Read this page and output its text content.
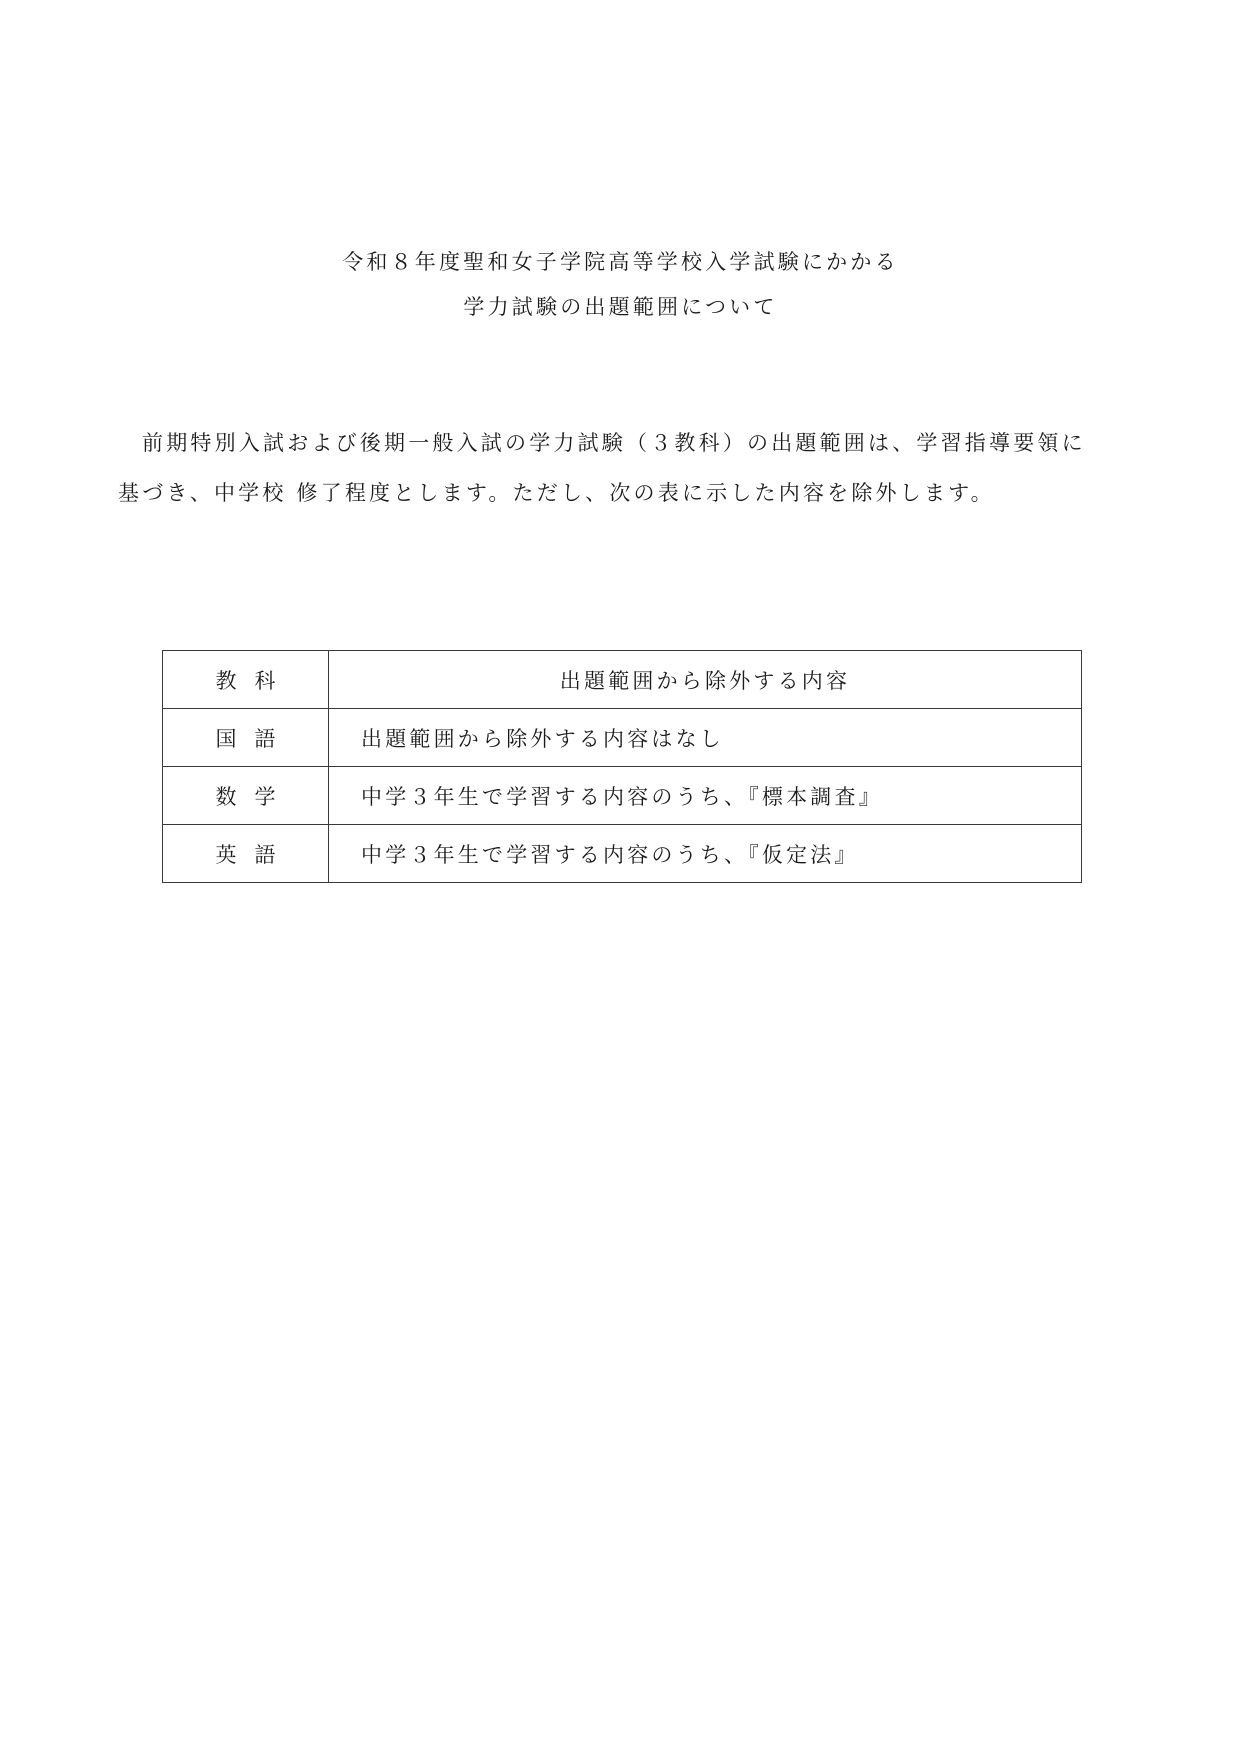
令和８年度聖和女子学院高等学校入学試験にかかる
学力試験の出題範囲について
前期特別入試および後期一般入試の学力試験（３教科）の出題範囲は、学習指導要領に
基づき、中学校 修了程度とします。ただし、次の表に示した内容を除外します。
教科	出題範囲から除外する内容
国語	出題範囲から除外する内容はなし
数学	中学３年生で学習する内容のうち、『標本調査』
英語	中学３年生で学習する内容のうち、『仮定法』
